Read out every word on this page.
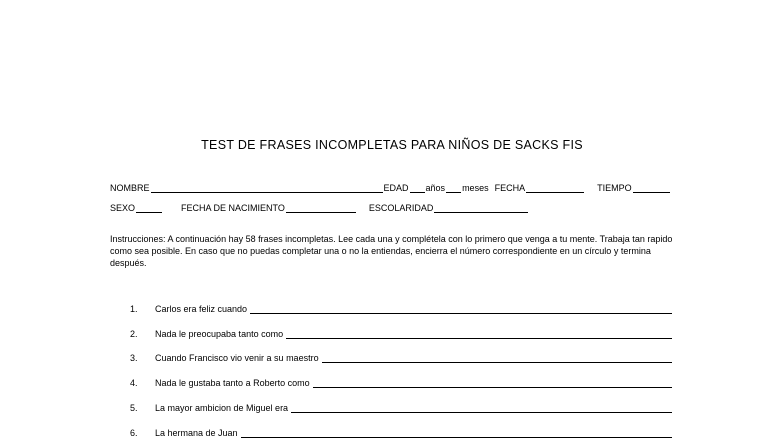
TEST DE FRASES INCOMPLETAS PARA NIÑOS DE SACKS FIS
NOMBRE	EDAD años meses FECHA	TIEMPO
SEXO	FECHA DE NACIMIENTO	ESCOLARIDAD
Instrucciones: A continuación hay 58 frases incompletas. Lee cada una y complétela con lo primero que venga a tu mente. Trabaja tan rapido como sea posible. En caso que no puedas completar una o no la entiendas, encierra el número correspondiente en un círculo y termina después.
1.	Carlos era feliz cuando
2.	Nada le preocupaba tanto como
3.	Cuando Francisco vio venir a su maestro
4.	Nada le gustaba tanto a Roberto como
5.	La mayor ambicion de Miguel era
6.	La hermana de Juan
